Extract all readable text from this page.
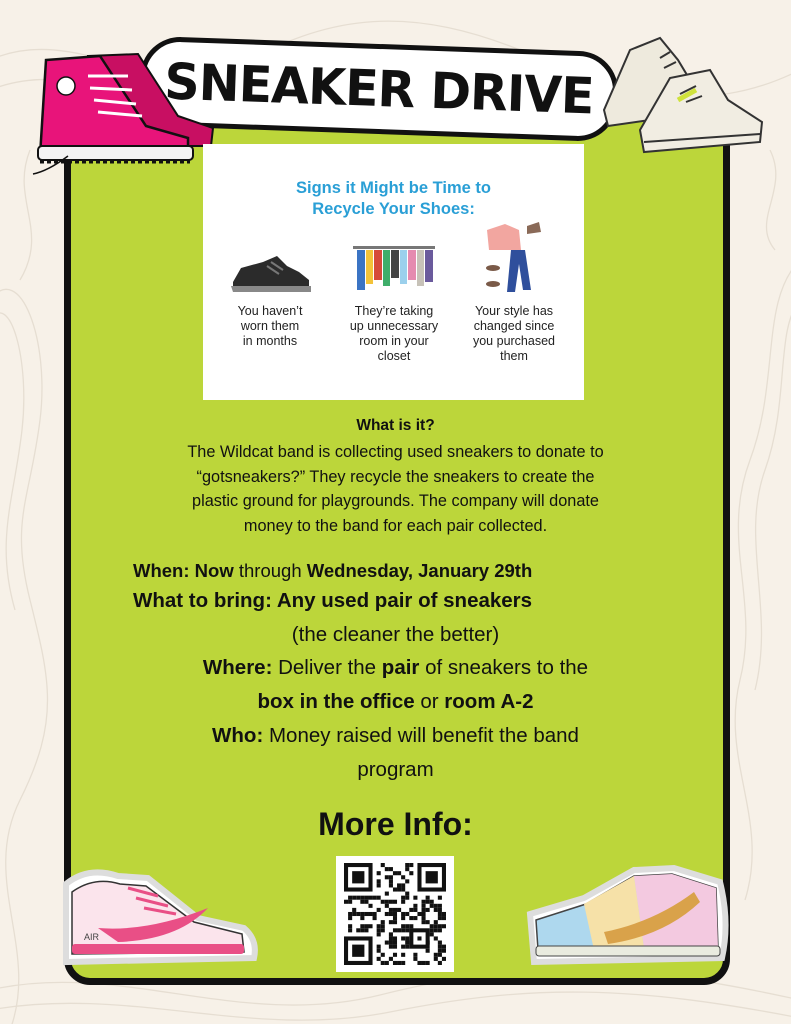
SNEAKER DRIVE
Signs it Might be Time to
Recycle Your Shoes:
You haven’t
worn them
in months
They’re taking
up unnecessary
room in your
closet
Your style has
changed since
you purchased
them
What is it?
The Wildcat band is collecting used sneakers to donate to
“gotsneakers?” They recycle the sneakers to create the
plastic ground for playgrounds. The company will donate
money to the band for each pair collected.
When: Now through Wednesday, January 29th
What to bring: Any used pair of sneakers
(the cleaner the better)
Where: Deliver the pair of sneakers to the
box in the office or room A-2
Who: Money raised will benefit the band
program
More Info:
AIR
